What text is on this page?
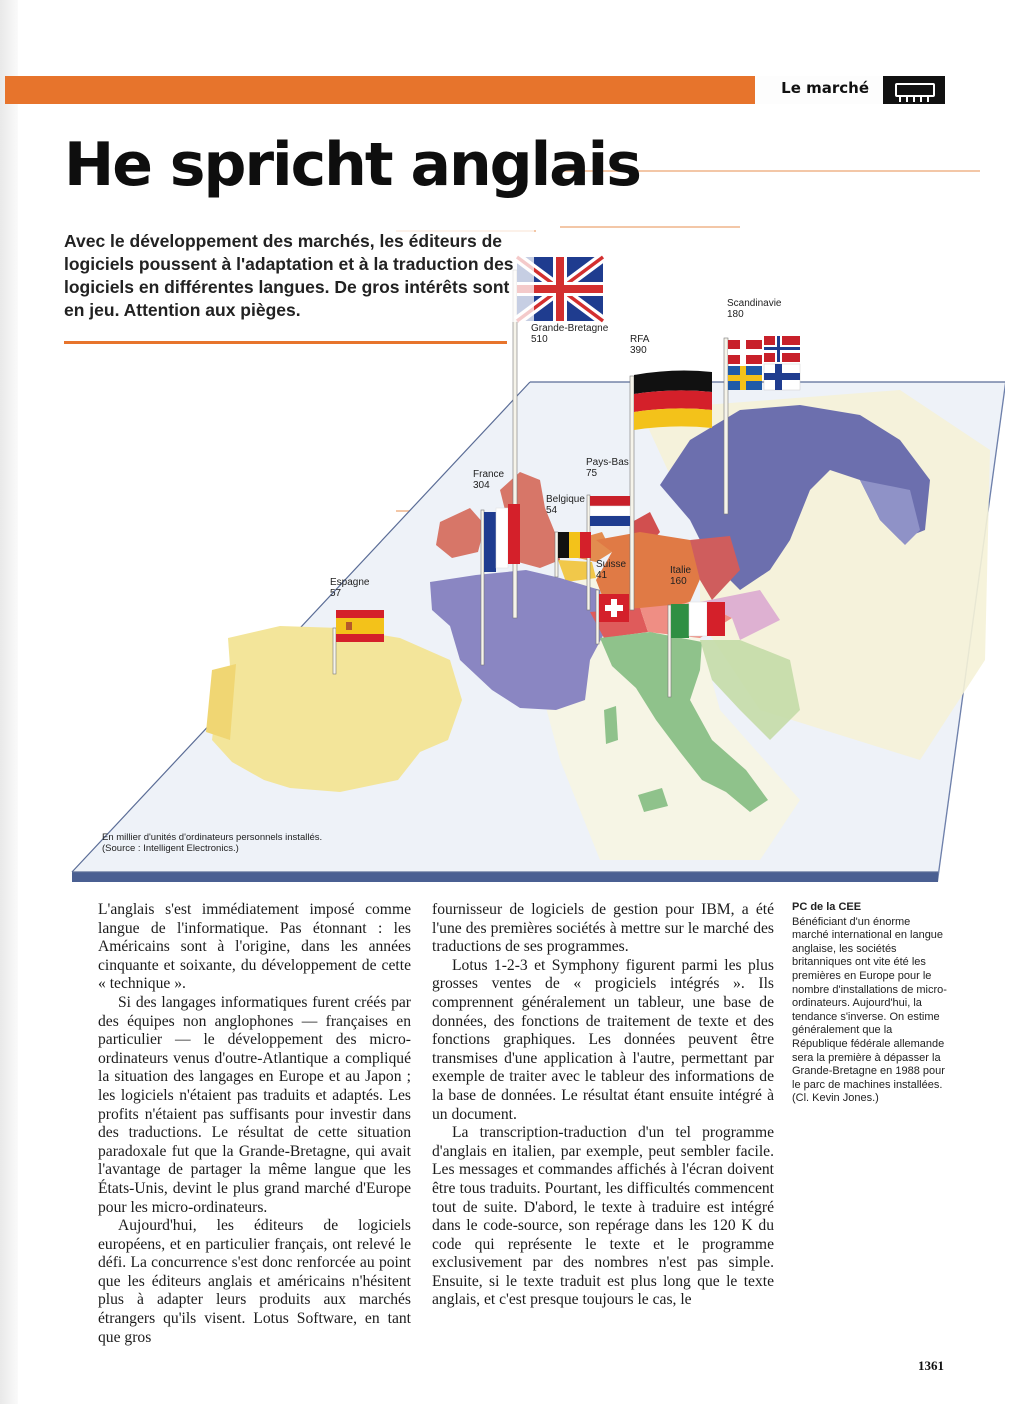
Le marché
He spricht anglais
Grande-Bretagne
510	RFA
390
Scandinavie
180
France
304
Pays-Bas
75
Belgique
54
Suisse
41	Italie
160
Espagne
57
En millier d'unités d'ordinateurs personnels installés.
(Source : Intelligent Electronics.)
Avec le développement des marchés, les éditeurs de logiciels poussent à l'adaptation et à la traduction des logiciels en différentes langues. De gros intérêts sont en jeu. Attention aux pièges.

L'anglais s'est immédiatement imposé comme langue de l'informatique. Pas étonnant : les Américains sont à l'origine, dans les années cinquante et soixante, du développement de cette « technique ».

Si des langages informatiques furent créés par des équipes non anglophones — françaises en particulier — le développement des micro-ordinateurs venus d'outre-Atlantique a compliqué la situation des langages en Europe et au Japon ; les logiciels n'étaient pas traduits et adaptés. Les profits n'étaient pas suffisants pour investir dans des traductions. Le résultat de cette situation paradoxale fut que la Grande-Bretagne, qui avait l'avantage de partager la même langue que les États-Unis, devint le plus grand marché d'Europe pour les micro-ordinateurs.

Aujourd'hui, les éditeurs de logiciels européens, et en particulier français, ont relevé le défi. La concurrence s'est donc renforcée au point que les éditeurs anglais et américains n'hésitent plus à adapter leurs produits aux marchés étrangers qu'ils visent. Lotus Software, en tant que gros

fournisseur de logiciels de gestion pour IBM, a été l'une des premières sociétés à mettre sur le marché des traductions de ses programmes.

Lotus 1-2-3 et Symphony figurent parmi les plus grosses ventes de « progiciels intégrés ». Ils comprennent généralement un tableur, une base de données, des fonctions de traitement de texte et des fonctions graphiques. Les données peuvent être transmises d'une application à l'autre, permettant par exemple de traiter avec le tableur des informations de la base de données. Le résultat étant ensuite intégré à un document.

La transcription-traduction d'un tel programme d'anglais en italien, par exemple, peut sembler facile. Les messages et commandes affichés à l'écran doivent être tous traduits. Pourtant, les difficultés commencent tout de suite. D'abord, le texte à traduire est intégré dans le code-source, son repérage dans les 120 K du code qui représente le texte et le programme exclusivement par des nombres n'est pas simple. Ensuite, si le texte traduit est plus long que le texte anglais, et c'est presque toujours le cas, le

PC de la CEE

Bénéficiant d'un énorme marché international en langue anglaise, les sociétés britanniques ont vite été les premières en Europe pour le nombre d'installations de micro-ordinateurs. Aujourd'hui, la tendance s'inverse. On estime généralement que la République fédérale allemande sera la première à dépasser la Grande-Bretagne en 1988 pour le parc de machines installées.

(Cl. Kevin Jones.)

1361
